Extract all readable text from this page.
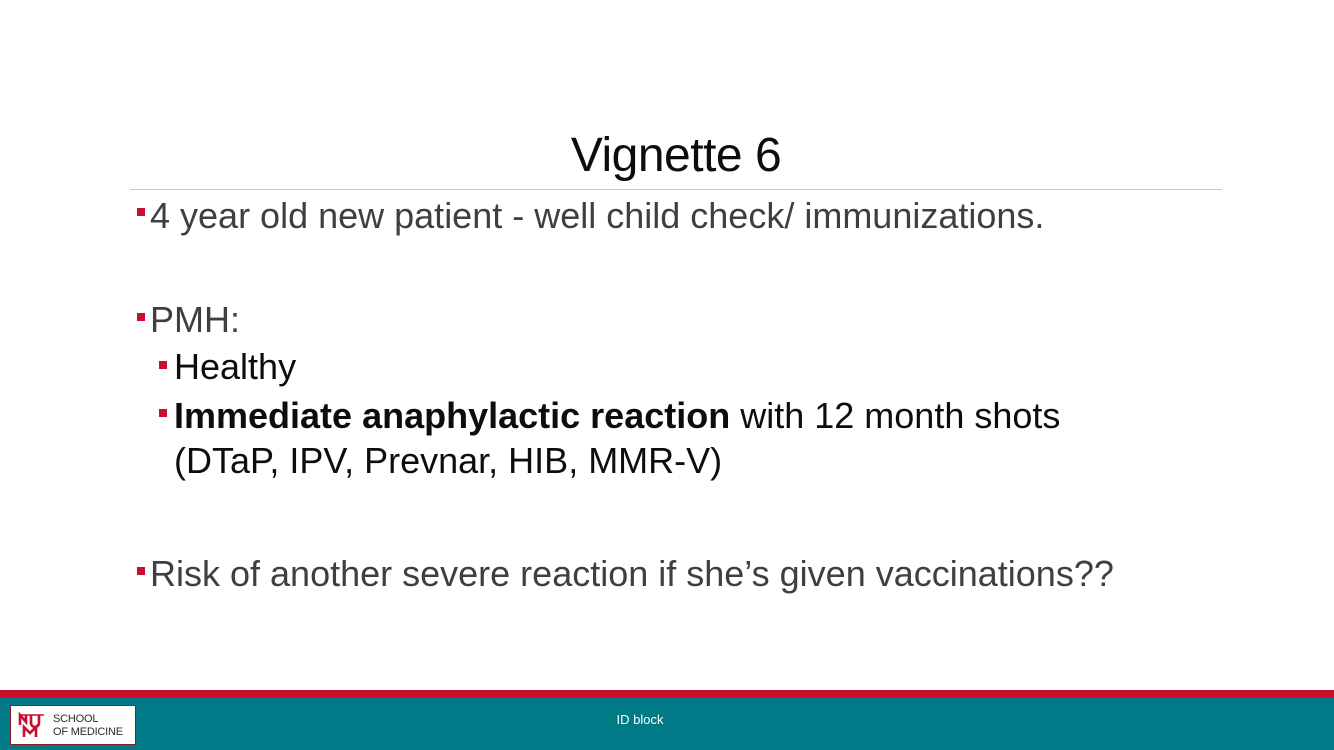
Vignette 6
4 year old new patient - well child check/ immunizations.
PMH:
Healthy
Immediate anaphylactic reaction with 12 month shots
(DTaP, IPV, Prevnar, HIB, MMR-V)
Risk of another severe reaction if she’s given vaccinations??
ID block
SCHOOL
OF MEDICINE
